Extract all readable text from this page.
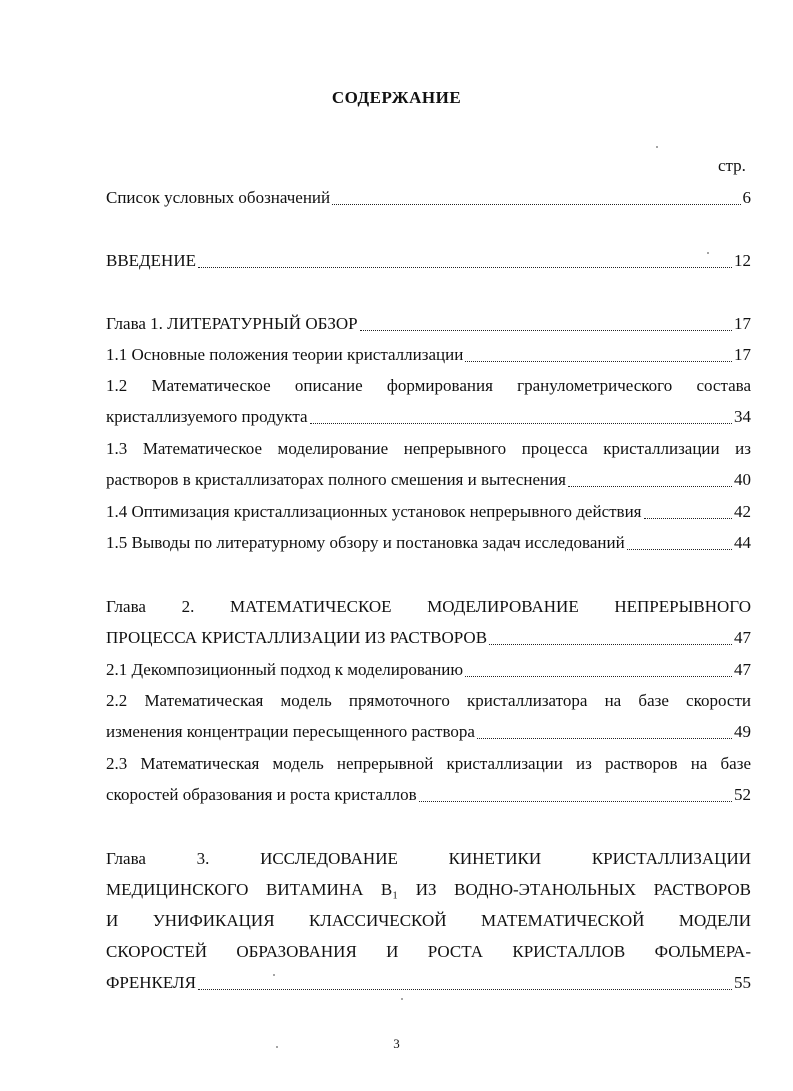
СОДЕРЖАНИЕ
стр.
Список условных обозначений	6
ВВЕДЕНИЕ	12
Глава 1. ЛИТЕРАТУРНЫЙ ОБЗОР	17
1.1 Основные положения теории кристаллизации	17
1.2 Математическое описание формирования гранулометрического состава
кристаллизуемого продукта	34
1.3 Математическое моделирование непрерывного процесса кристаллизации из
растворов в кристаллизаторах полного смешения и вытеснения	40
1.4 Оптимизация кристаллизационных установок непрерывного действия	42
1.5 Выводы по литературному обзору и постановка задач исследований	44
Глава 2. МАТЕМАТИЧЕСКОЕ МОДЕЛИРОВАНИЕ НЕПРЕРЫВНОГО
ПРОЦЕССА КРИСТАЛЛИЗАЦИИ ИЗ РАСТВОРОВ	47
2.1 Декомпозиционный подход к моделированию	47
2.2 Математическая модель прямоточного кристаллизатора на базе скорости
изменения концентрации пересыщенного раствора	49
2.3 Математическая модель непрерывной кристаллизации из растворов на базе
скоростей образования и роста кристаллов	52
Глава 3. ИССЛЕДОВАНИЕ КИНЕТИКИ КРИСТАЛЛИЗАЦИИ
МЕДИЦИНСКОГО ВИТАМИНА B₁ ИЗ ВОДНО-ЭТАНОЛЬНЫХ РАСТВОРОВ
И УНИФИКАЦИЯ КЛАССИЧЕСКОЙ МАТЕМАТИЧЕСКОЙ МОДЕЛИ
СКОРОСТЕЙ ОБРАЗОВАНИЯ И РОСТА КРИСТАЛЛОВ ФОЛЬМЕРА-
ФРЕНКЕЛЯ	55
3
